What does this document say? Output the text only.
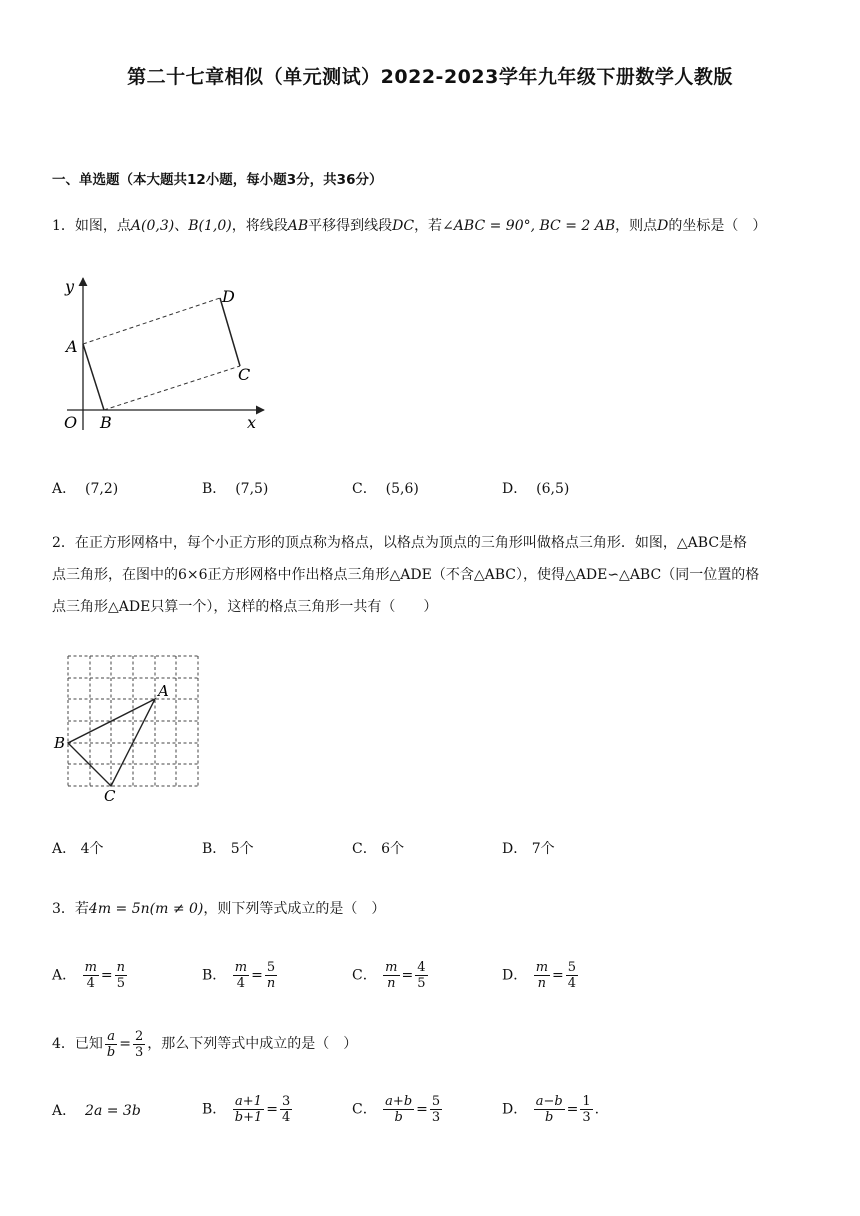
第二十七章相似（单元测试）2022-2023学年九年级下册数学人教版
一、单选题（本大题共12小题，每小题3分，共36分）
1．如图，点A(0,3)、B(1,0)，将线段AB平移得到线段DC，若∠ABC = 90°, BC = 2 AB，则点D的坐标是（　）
y
x
O
A
B
C
D
A． (7,2)	B． (7,5)	C． (5,6)	D． (6,5)
2．在正方形网格中，每个小正方形的顶点称为格点，以格点为顶点的三角形叫做格点三角形．如图，△ABC是格
点三角形，在图中的6×6正方形网格中作出格点三角形△ADE（不含△ABC），使得△ADE∽△ABC（同一位置的格
点三角形△ADE只算一个），这样的格点三角形一共有（　　）
A
B
C
A． 4个	B． 5个	C． 6个	D． 7个
3．若4m = 5n(m ≠ 0)，则下列等式成立的是（　）
A． $\frac{m}{4} = \frac{n}{5}$	B． $\frac{m}{4} = \frac{5}{n}$	C． $\frac{m}{n} = \frac{4}{5}$	D． $\frac{m}{n} = \frac{5}{4}$
4．已知 $\frac{a}{b} = \frac{2}{3}$ ，那么下列等式中成立的是（　）
A． 2a = 3b	B． $\frac{a+1}{b+1} = \frac{3}{4}$	C． $\frac{a+b}{b} = \frac{5}{3}$	D． $\frac{a-b}{b} = \frac{1}{3}$ .
